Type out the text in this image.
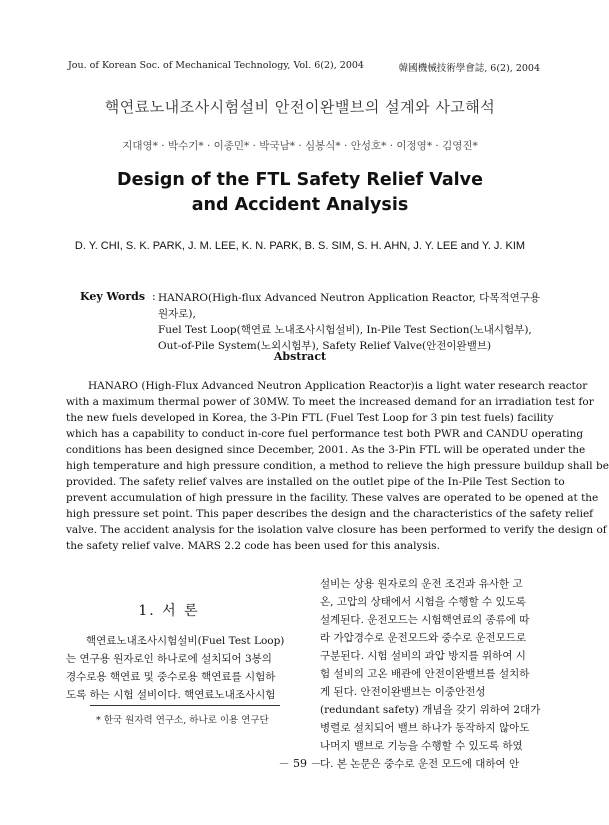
Jou. of Korean Soc. of Mechanical Technology, Vol. 6(2), 2004	韓國機械技術學會誌, 6(2), 2004
핵연료노내조사시험설비 안전이완밸브의 설계와 사고해석
지대영* · 박수기* · 이종민* · 박국남* · 심봉식* · 안성호* · 이정영* · 김영진*
Design of the FTL Safety Relief Valve
and Accident Analysis
D. Y. CHI, S. K. PARK, J. M. LEE, K. N. PARK, B. S. SIM, S. H. AHN, J. Y. LEE and Y. J. KIM
Key Words : HANARO(High-flux Advanced Neutron Application Reactor, 다목적연구용원자로),
Fuel Test Loop(핵연료 노내조사시험설비), In-Pile Test Section(노내시험부),
Out-of-Pile System(노외시험부), Safety Relief Valve(안전이완밸브)
Abstract
HANARO (High-Flux Advanced Neutron Application Reactor)is a light water research reactor
with a maximum thermal power of 30MW. To meet the increased demand for an irradiation test for
the new fuels developed in Korea, the 3-Pin FTL (Fuel Test Loop for 3 pin test fuels) facility
which has a capability to conduct in-core fuel performance test both PWR and CANDU operating
conditions has been designed since December, 2001. As the 3-Pin FTL will be operated under the
high temperature and high pressure condition, a method to relieve the high pressure buildup shall be
provided. The safety relief valves are installed on the outlet pipe of the In-Pile Test Section to
prevent accumulation of high pressure in the facility. These valves are operated to be opened at the
high pressure set point. This paper describes the design and the characteristics of the safety relief
valve. The accident analysis for the isolation valve closure has been performed to verify the design of
the safety relief valve. MARS 2.2 code has been used for this analysis.
1. 서 론
핵연료노내조사시험설비(Fuel Test Loop)
는 연구용 원자로인 하나로에 설치되어 3봉의
경수로용 핵연료 및 중수로용 핵연료를 시험하
도록 하는 시험 설비이다. 핵연료노내조사시험
* 한국 원자력 연구소, 하나로 이용 연구단
설비는 상용 원자로의 운전 조건과 유사한 고
온, 고압의 상태에서 시험을 수행할 수 있도록
설계된다. 운전모드는 시험핵연료의 종류에 따
라 가압경수로 운전모드와 중수로 운전모드로
구분된다. 시험 설비의 과압 방지를 위하여 시
험 설비의 고온 배관에 안전이완밸브를 설치하
게 된다. 안전이완밸브는 이중안전성
(redundant safety) 개념을 갖기 위하여 2대가
병렬로 설치되어 밸브 하나가 동작하지 않아도
나머지 밸브로 기능을 수행할 수 있도록 하였
다. 본 논문은 중수로 운전 모드에 대하여 안
－ 59 －
